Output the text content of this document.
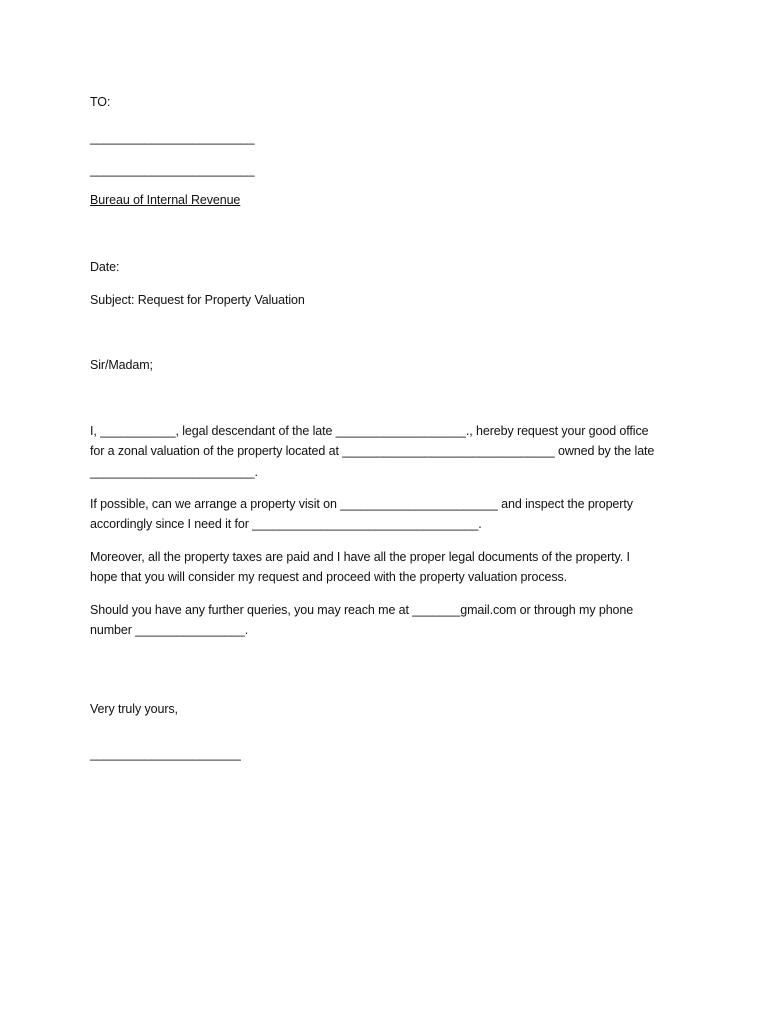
TO:
________________________
________________________
Bureau of Internal Revenue
Date:
Subject: Request for Property Valuation
Sir/Madam;
I, ___________, legal descendant of the late ___________________., hereby request your good office
for a zonal valuation of the property located at _______________________________ owned by the late
________________________.
If possible, can we arrange a property visit on _______________________ and inspect the property
accordingly since I need it for _________________________________.
Moreover, all the property taxes are paid and I have all the proper legal documents of the property. I
hope that you will consider my request and proceed with the property valuation process.
Should you have any further queries, you may reach me at _______gmail.com or through my phone
number ________________.
Very truly yours,
______________________
